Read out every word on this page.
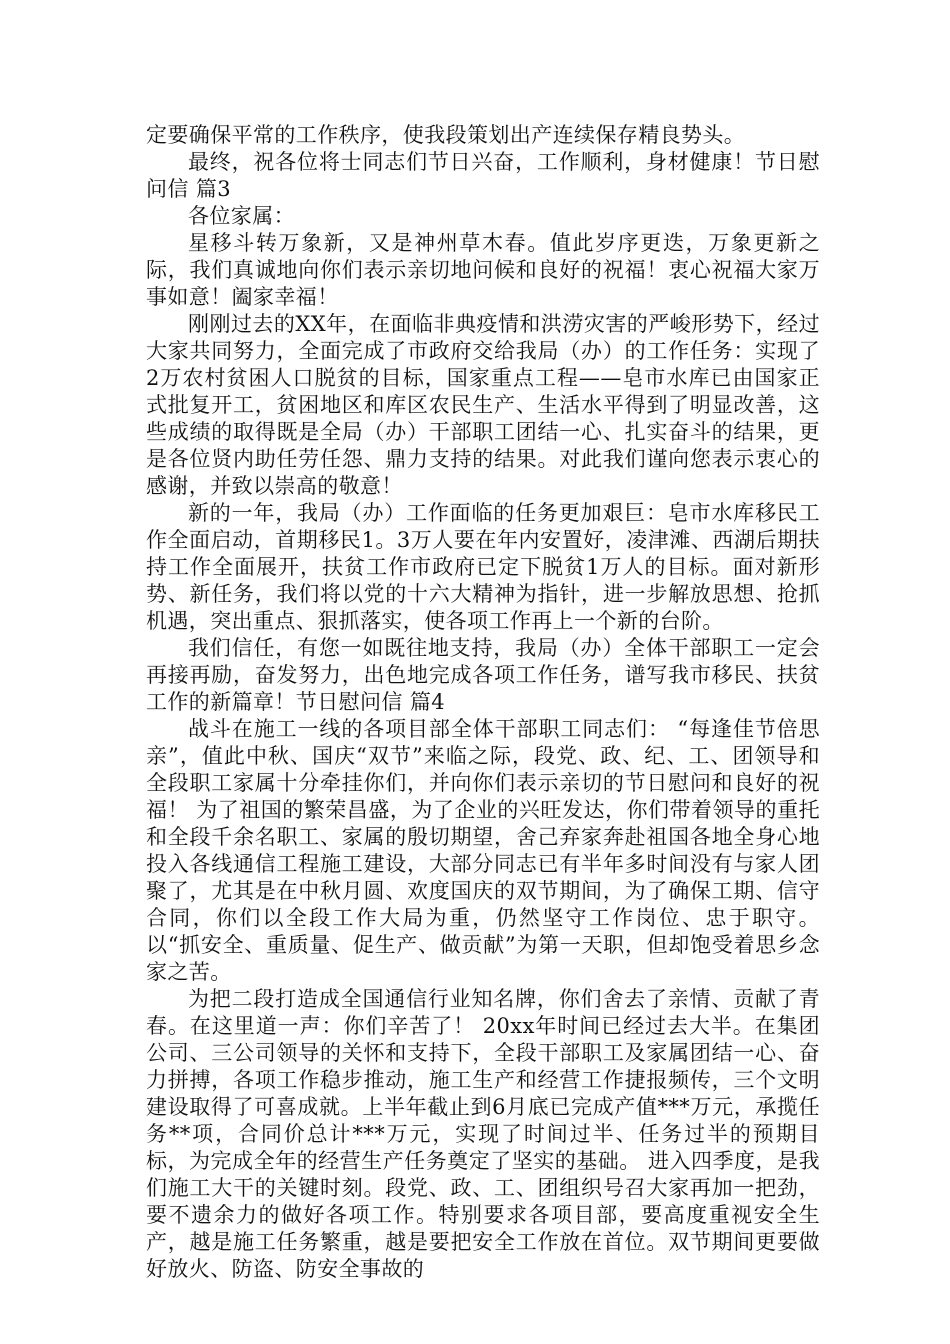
定要确保平常的工作秩序，使我段策划出产连续保存精良势头。

最终，祝各位将士同志们节日兴奋，工作顺利，身材健康！节日慰问信 篇3

各位家属：

星移斗转万象新，又是神州草木春。值此岁序更迭，万象更新之际，我们真诚地向你们表示亲切地问候和良好的祝福！衷心祝福大家万事如意！阖家幸福！

刚刚过去的XX年，在面临非典疫情和洪涝灾害的严峻形势下，经过大家共同努力，全面完成了市政府交给我局（办）的工作任务：实现了2万农村贫困人口脱贫的目标，国家重点工程——皂市水库已由国家正式批复开工，贫困地区和库区农民生产、生活水平得到了明显改善，这些成绩的取得既是全局（办）干部职工团结一心、扎实奋斗的结果，更是各位贤内助任劳任怨、鼎力支持的结果。对此我们谨向您表示衷心的感谢，并致以崇高的敬意！

新的一年，我局（办）工作面临的任务更加艰巨：皂市水库移民工作全面启动，首期移民1。3万人要在年内安置好，凌津滩、西湖后期扶持工作全面展开，扶贫工作市政府已定下脱贫1万人的目标。面对新形势、新任务，我们将以党的十六大精神为指针，进一步解放思想、抢抓机遇，突出重点、狠抓落实，使各项工作再上一个新的台阶。

我们信任，有您一如既往地支持，我局（办）全体干部职工一定会再接再励，奋发努力，出色地完成各项工作任务，谱写我市移民、扶贫工作的新篇章！节日慰问信 篇4

战斗在施工一线的各项目部全体干部职工同志们： “每逢佳节倍思亲”，值此中秋、国庆“双节”来临之际，段党、政、纪、工、团领导和全段职工家属十分牵挂你们，并向你们表示亲切的节日慰问和良好的祝福！ 为了祖国的繁荣昌盛，为了企业的兴旺发达，你们带着领导的重托和全段千余名职工、家属的殷切期望，舍己弃家奔赴祖国各地全身心地投入各线通信工程施工建设，大部分同志已有半年多时间没有与家人团聚了，尤其是在中秋月圆、欢度国庆的双节期间，为了确保工期、信守合同，你们以全段工作大局为重，仍然坚守工作岗位、忠于职守。以“抓安全、重质量、促生产、做贡献”为第一天职，但却饱受着思乡念家之苦。

为把二段打造成全国通信行业知名牌，你们舍去了亲情、贡献了青春。在这里道一声：你们辛苦了！ 20xx年时间已经过去大半。在集团公司、三公司领导的关怀和支持下，全段干部职工及家属团结一心、奋力拼搏，各项工作稳步推动，施工生产和经营工作捷报频传，三个文明建设取得了可喜成就。上半年截止到6月底已完成产值***万元，承揽任务**项，合同价总计***万元，实现了时间过半、任务过半的预期目标，为完成全年的经营生产任务奠定了坚实的基础。 进入四季度，是我们施工大干的关键时刻。段党、政、工、团组织号召大家再加一把劲，要不遗余力的做好各项工作。特别要求各项目部，要高度重视安全生产，越是施工任务繁重，越是要把安全工作放在首位。双节期间更要做好放火、防盗、防安全事故的
